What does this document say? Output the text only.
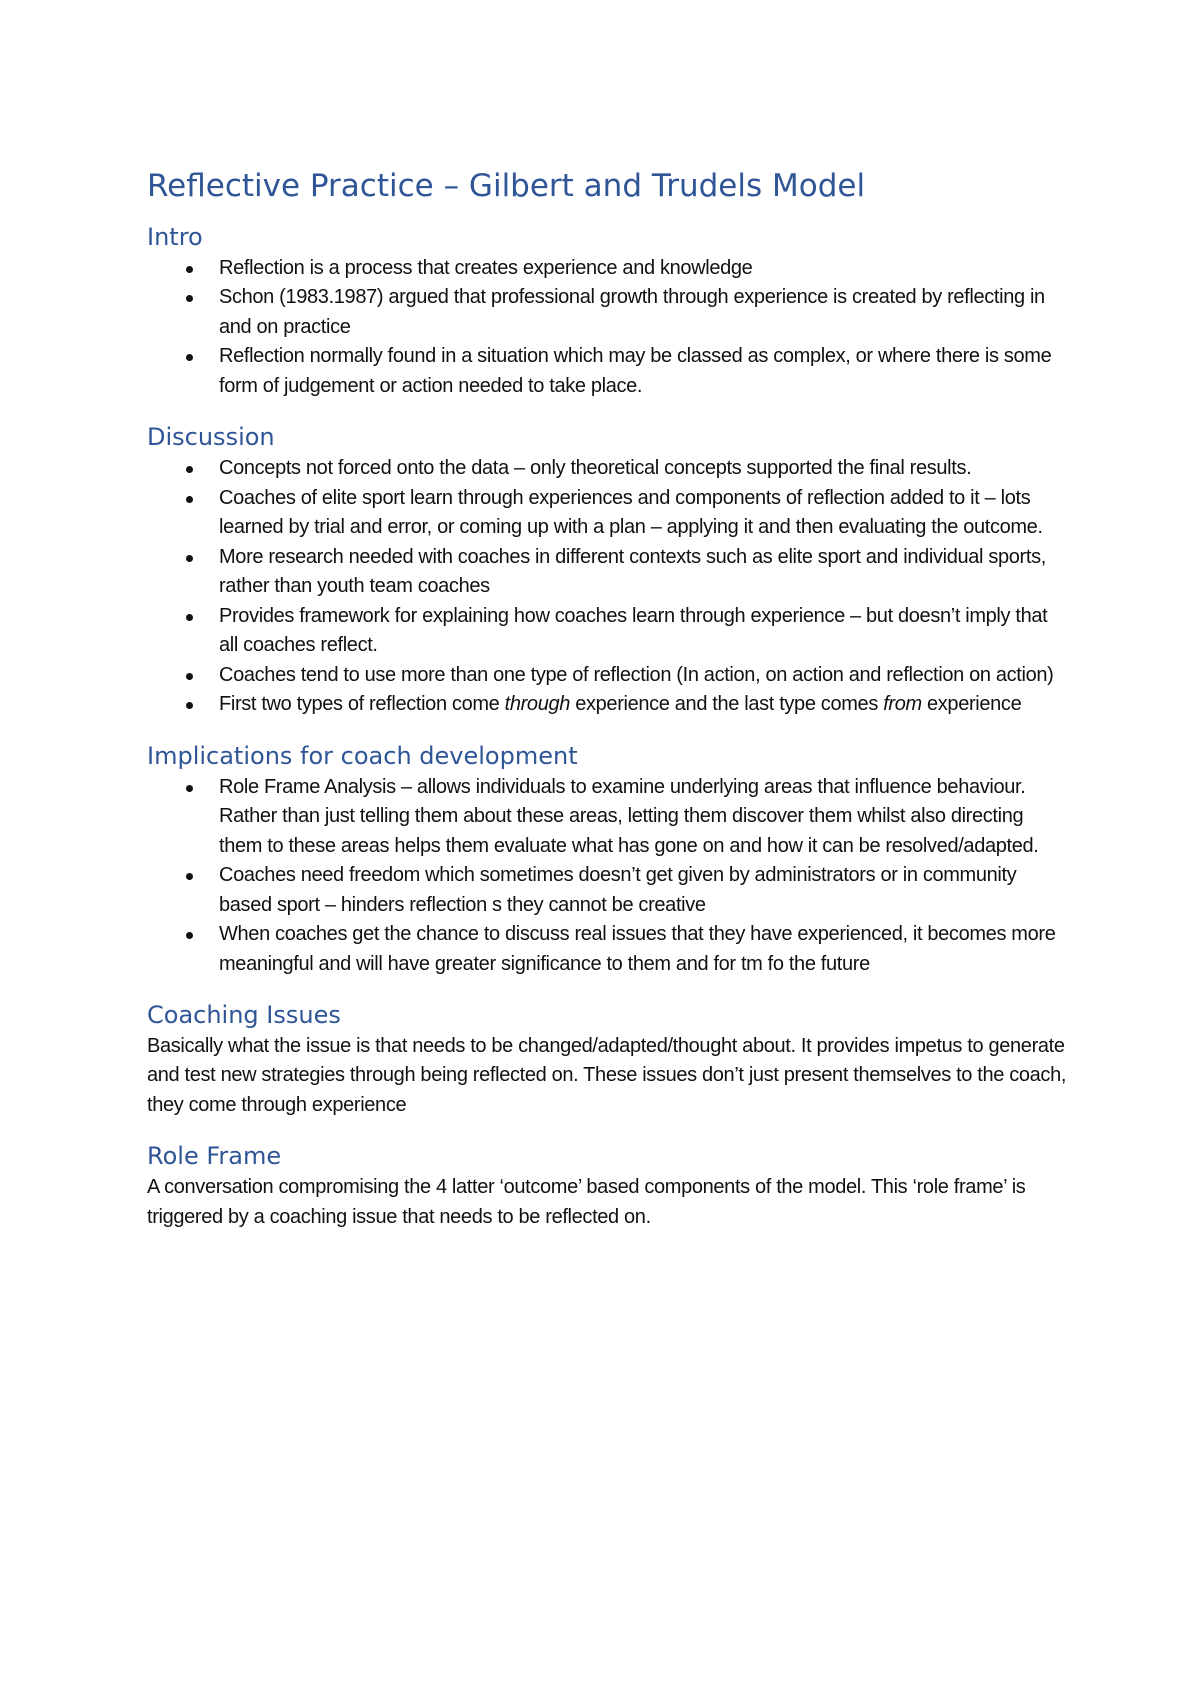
Reflective Practice – Gilbert and Trudels Model
Intro
Reflection is a process that creates experience and knowledge
Schon (1983.1987) argued that professional growth through experience is created by reflecting in and on practice
Reflection normally found in a situation which may be classed as complex, or where there is some form of judgement or action needed to take place.
Discussion
Concepts not forced onto the data – only theoretical concepts supported the final results.
Coaches of elite sport learn through experiences and components of reflection added to it – lots learned by trial and error, or coming up with a plan – applying it and then evaluating the outcome.
More research needed with coaches in different contexts such as elite sport and individual sports, rather than youth team coaches
Provides framework for explaining how coaches learn through experience – but doesn’t imply that all coaches reflect.
Coaches tend to use more than one type of reflection (In action, on action and reflection on action)
First two types of reflection come through experience and the last type comes from experience
Implications for coach development
Role Frame Analysis – allows individuals to examine underlying areas that influence behaviour. Rather than just telling them about these areas, letting them discover them whilst also directing them to these areas helps them evaluate what has gone on and how it can be resolved/adapted.
Coaches need freedom which sometimes doesn’t get given by administrators or in community based sport – hinders reflection s they cannot be creative
When coaches get the chance to discuss real issues that they have experienced, it becomes more meaningful and will have greater significance to them and for tm fo the future
Coaching Issues

Basically what the issue is that needs to be changed/adapted/thought about. It provides impetus to generate and test new strategies through being reflected on. These issues don’t just present themselves to the coach, they come through experience

Role Frame

A conversation compromising the 4 latter ‘outcome’ based components of the model. This ‘role frame’ is triggered by a coaching issue that needs to be reflected on.
